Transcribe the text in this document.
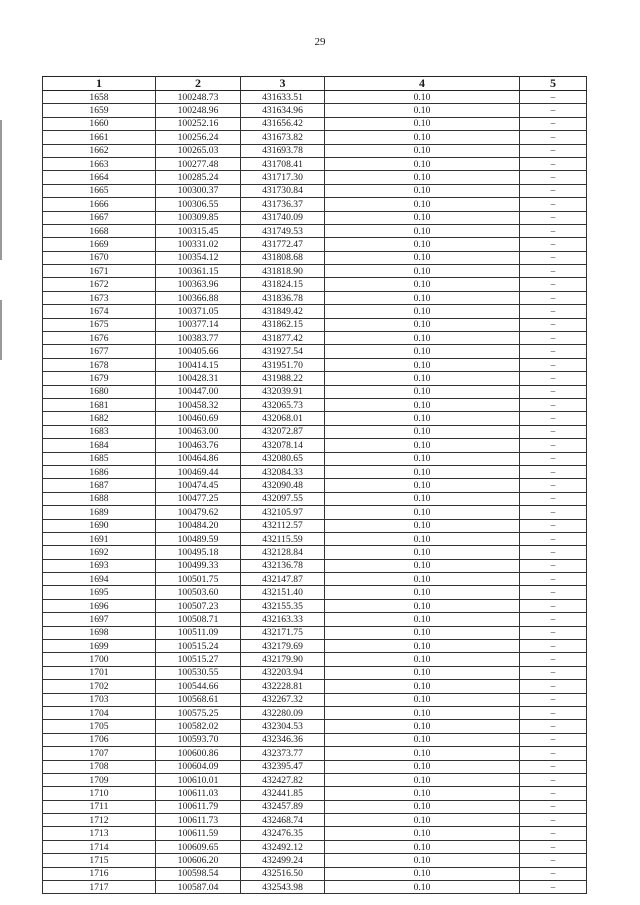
29
1	2	3	4	5
1658	100248.73	431633.51	0.10	–
1659	100248.96	431634.96	0.10	–
1660	100252.16	431656.42	0.10	–
1661	100256.24	431673.82	0.10	–
1662	100265.03	431693.78	0.10	–
1663	100277.48	431708.41	0.10	–
1664	100285.24	431717.30	0.10	–
1665	100300.37	431730.84	0.10	–
1666	100306.55	431736.37	0.10	–
1667	100309.85	431740.09	0.10	–
1668	100315.45	431749.53	0.10	–
1669	100331.02	431772.47	0.10	–
1670	100354.12	431808.68	0.10	–
1671	100361.15	431818.90	0.10	–
1672	100363.96	431824.15	0.10	–
1673	100366.88	431836.78	0.10	–
1674	100371.05	431849.42	0.10	–
1675	100377.14	431862.15	0.10	–
1676	100383.77	431877.42	0.10	–
1677	100405.66	431927.54	0.10	–
1678	100414.15	431951.70	0.10	–
1679	100428.31	431988.22	0.10	–
1680	100447.00	432039.91	0.10	–
1681	100458.32	432065.73	0.10	–
1682	100460.69	432068.01	0.10	–
1683	100463.00	432072.87	0.10	–
1684	100463.76	432078.14	0.10	–
1685	100464.86	432080.65	0.10	–
1686	100469.44	432084.33	0.10	–
1687	100474.45	432090.48	0.10	–
1688	100477.25	432097.55	0.10	–
1689	100479.62	432105.97	0.10	–
1690	100484.20	432112.57	0.10	–
1691	100489.59	432115.59	0.10	–
1692	100495.18	432128.84	0.10	–
1693	100499.33	432136.78	0.10	–
1694	100501.75	432147.87	0.10	–
1695	100503.60	432151.40	0.10	–
1696	100507.23	432155.35	0.10	–
1697	100508.71	432163.33	0.10	–
1698	100511.09	432171.75	0.10	–
1699	100515.24	432179.69	0.10	–
1700	100515.27	432179.90	0.10	–
1701	100530.55	432203.94	0.10	–
1702	100544.66	432228.81	0.10	–
1703	100568.61	432267.32	0.10	–
1704	100575.25	432280.09	0.10	–
1705	100582.02	432304.53	0.10	–
1706	100593.70	432346.36	0.10	–
1707	100600.86	432373.77	0.10	–
1708	100604.09	432395.47	0.10	–
1709	100610.01	432427.82	0.10	–
1710	100611.03	432441.85	0.10	–
1711	100611.79	432457.89	0.10	–
1712	100611.73	432468.74	0.10	–
1713	100611.59	432476.35	0.10	–
1714	100609.65	432492.12	0.10	–
1715	100606.20	432499.24	0.10	–
1716	100598.54	432516.50	0.10	–
1717	100587.04	432543.98	0.10	–
